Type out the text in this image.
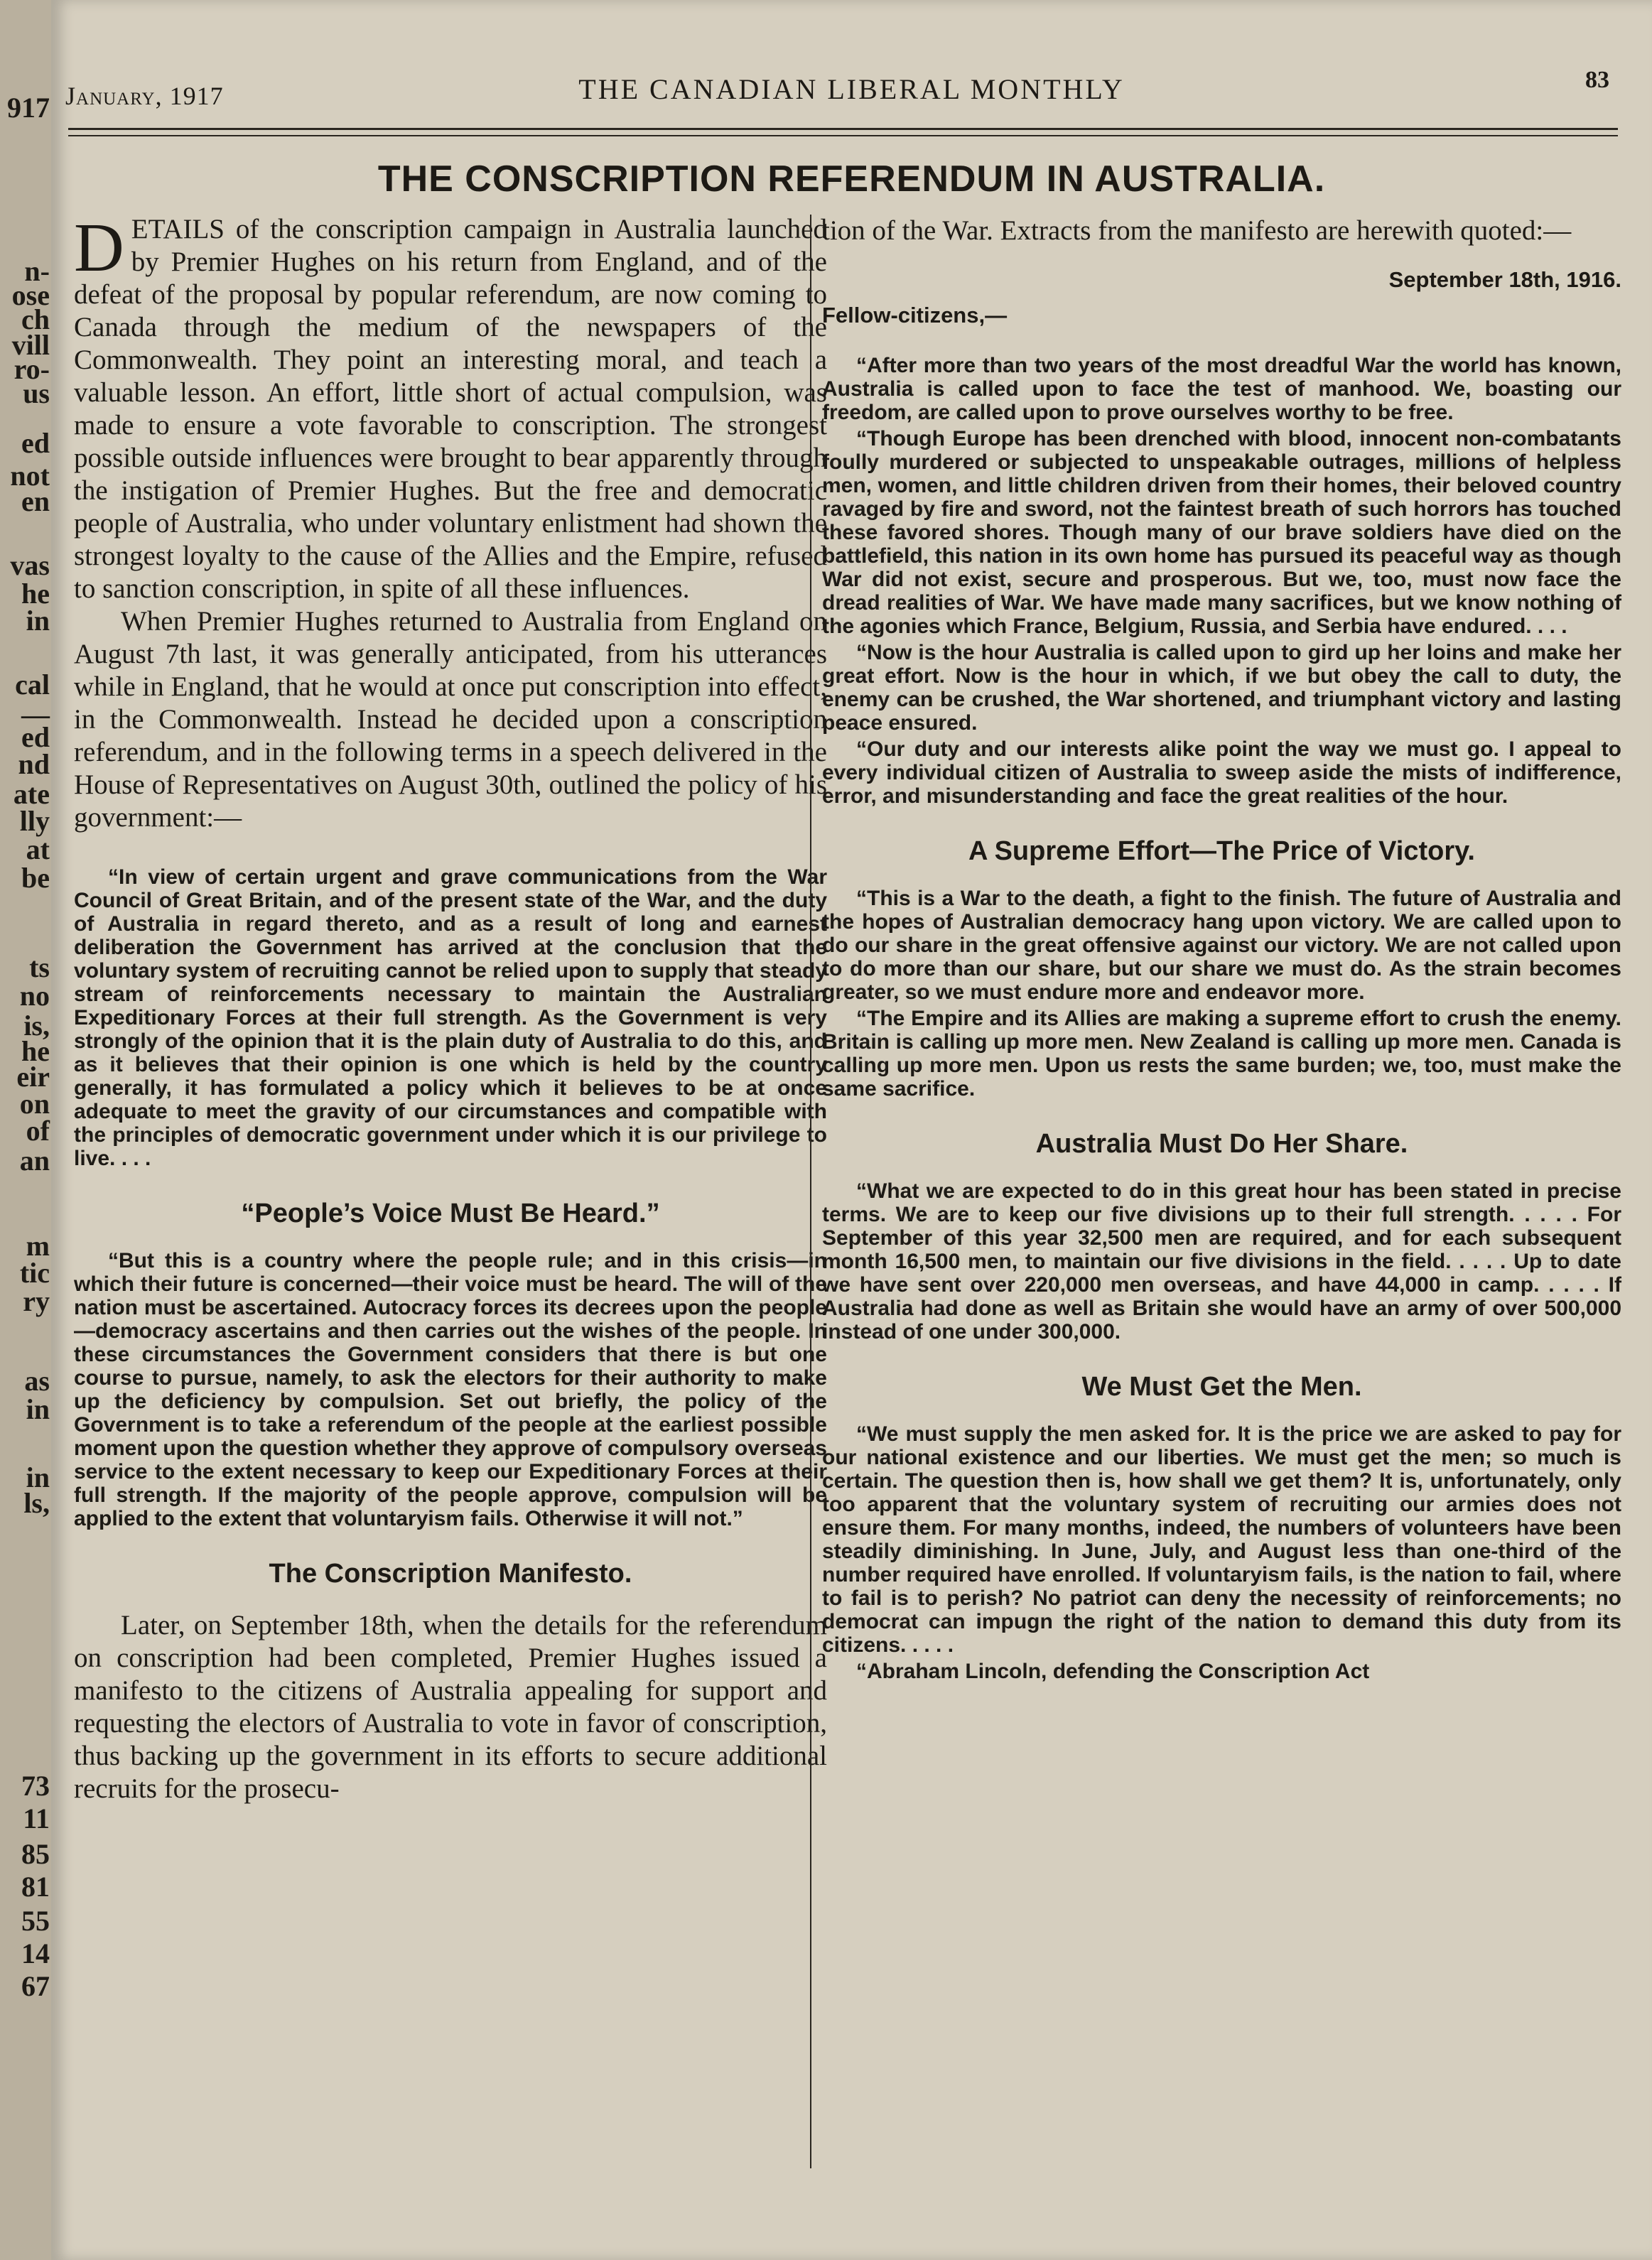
917
n-
ose
ch
vill
ro-
us
ed
not
en
vas
he
in
cal
—
ed
nd
ate
lly
at
be
ts
no
is,
he
eir
on
of
an
m
tic
ry
as
in
in
ls,
73
11
85
81
55
14
67
January, 1917	THE CANADIAN LIBERAL MONTHLY	83
THE CONSCRIPTION REFERENDUM IN AUSTRALIA.

DETAILS of the conscription campaign in Australia launched by Premier Hughes on his return from England, and of the defeat of the proposal by popular referendum, are now coming to Canada through the medium of the newspapers of the Commonwealth. They point an interesting moral, and teach a valuable lesson. An effort, little short of actual compulsion, was made to ensure a vote favorable to conscription. The strongest possible outside influences were brought to bear apparently through the instigation of Premier Hughes. But the free and democratic people of Australia, who under voluntary enlistment had shown the strongest loyalty to the cause of the Allies and the Empire, refused to sanction conscription, in spite of all these influences.

When Premier Hughes returned to Australia from England on August 7th last, it was generally anticipated, from his utterances while in England, that he would at once put conscription into effect, in the Commonwealth. Instead he decided upon a conscription referendum, and in the following terms in a speech delivered in the House of Representatives on August 30th, outlined the policy of his government:—

“In view of certain urgent and grave communications from the War Council of Great Britain, and of the present state of the War, and the duty of Australia in regard thereto, and as a result of long and earnest deliberation the Government has arrived at the conclusion that the voluntary system of recruiting cannot be relied upon to supply that steady stream of reinforcements necessary to maintain the Australian Expeditionary Forces at their full strength. As the Government is very strongly of the opinion that it is the plain duty of Australia to do this, and as it believes that their opinion is one which is held by the country generally, it has formulated a policy which it believes to be at once adequate to meet the gravity of our circumstances and compatible with the principles of democratic government under which it is our privilege to live. . . .

“People’s Voice Must Be Heard.”

“But this is a country where the people rule; and in this crisis—in which their future is concerned—their voice must be heard. The will of the nation must be ascertained. Autocracy forces its decrees upon the people—democracy ascertains and then carries out the wishes of the people. In these circumstances the Government considers that there is but one course to pursue, namely, to ask the electors for their authority to make up the deficiency by compulsion. Set out briefly, the policy of the Government is to take a referendum of the people at the earliest possible moment upon the question whether they approve of compulsory overseas service to the extent necessary to keep our Expeditionary Forces at their full strength. If the majority of the people approve, compulsion will be applied to the extent that voluntaryism fails. Otherwise it will not.”

The Conscription Manifesto.

Later, on September 18th, when the details for the referendum on conscription had been completed, Premier Hughes issued a manifesto to the citizens of Australia appealing for support and requesting the electors of Australia to vote in favor of conscription, thus backing up the government in its efforts to secure additional recruits for the prosecu-

tion of the War. Extracts from the manifesto are herewith quoted:—

September 18th, 1916.
Fellow-citizens,—

“After more than two years of the most dreadful War the world has known, Australia is called upon to face the test of manhood. We, boasting our freedom, are called upon to prove ourselves worthy to be free.

“Though Europe has been drenched with blood, innocent non-combatants foully murdered or subjected to unspeakable outrages, millions of helpless men, women, and little children driven from their homes, their beloved country ravaged by fire and sword, not the faintest breath of such horrors has touched these favored shores. Though many of our brave soldiers have died on the battlefield, this nation in its own home has pursued its peaceful way as though War did not exist, secure and prosperous. But we, too, must now face the dread realities of War. We have made many sacrifices, but we know nothing of the agonies which France, Belgium, Russia, and Serbia have endured. . . .

“Now is the hour Australia is called upon to gird up her loins and make her great effort. Now is the hour in which, if we but obey the call to duty, the enemy can be crushed, the War shortened, and triumphant victory and lasting peace ensured.

“Our duty and our interests alike point the way we must go. I appeal to every individual citizen of Australia to sweep aside the mists of indifference, error, and misunderstanding and face the great realities of the hour.

A Supreme Effort—The Price of Victory.

“This is a War to the death, a fight to the finish. The future of Australia and the hopes of Australian democracy hang upon victory. We are called upon to do our share in the great offensive against our victory. We are not called upon to do more than our share, but our share we must do. As the strain becomes greater, so we must endure more and endeavor more.

“The Empire and its Allies are making a supreme effort to crush the enemy. Britain is calling up more men. New Zealand is calling up more men. Canada is calling up more men. Upon us rests the same burden; we, too, must make the same sacrifice.

Australia Must Do Her Share.

“What we are expected to do in this great hour has been stated in precise terms. We are to keep our five divisions up to their full strength. . . . . For September of this year 32,500 men are required, and for each subsequent month 16,500 men, to maintain our five divisions in the field. . . . . Up to date we have sent over 220,000 men overseas, and have 44,000 in camp. . . . . If Australia had done as well as Britain she would have an army of over 500,000 instead of one under 300,000.

We Must Get the Men.

“We must supply the men asked for. It is the price we are asked to pay for our national existence and our liberties. We must get the men; so much is certain. The question then is, how shall we get them? It is, unfortunately, only too apparent that the voluntary system of recruiting our armies does not ensure them. For many months, indeed, the numbers of volunteers have been steadily diminishing. In June, July, and August less than one-third of the number required have enrolled. If voluntaryism fails, is the nation to fail, where to fail is to perish? No patriot can deny the necessity of reinforcements; no democrat can impugn the right of the nation to demand this duty from its citizens. . . . .

“Abraham Lincoln, defending the Conscription Act
